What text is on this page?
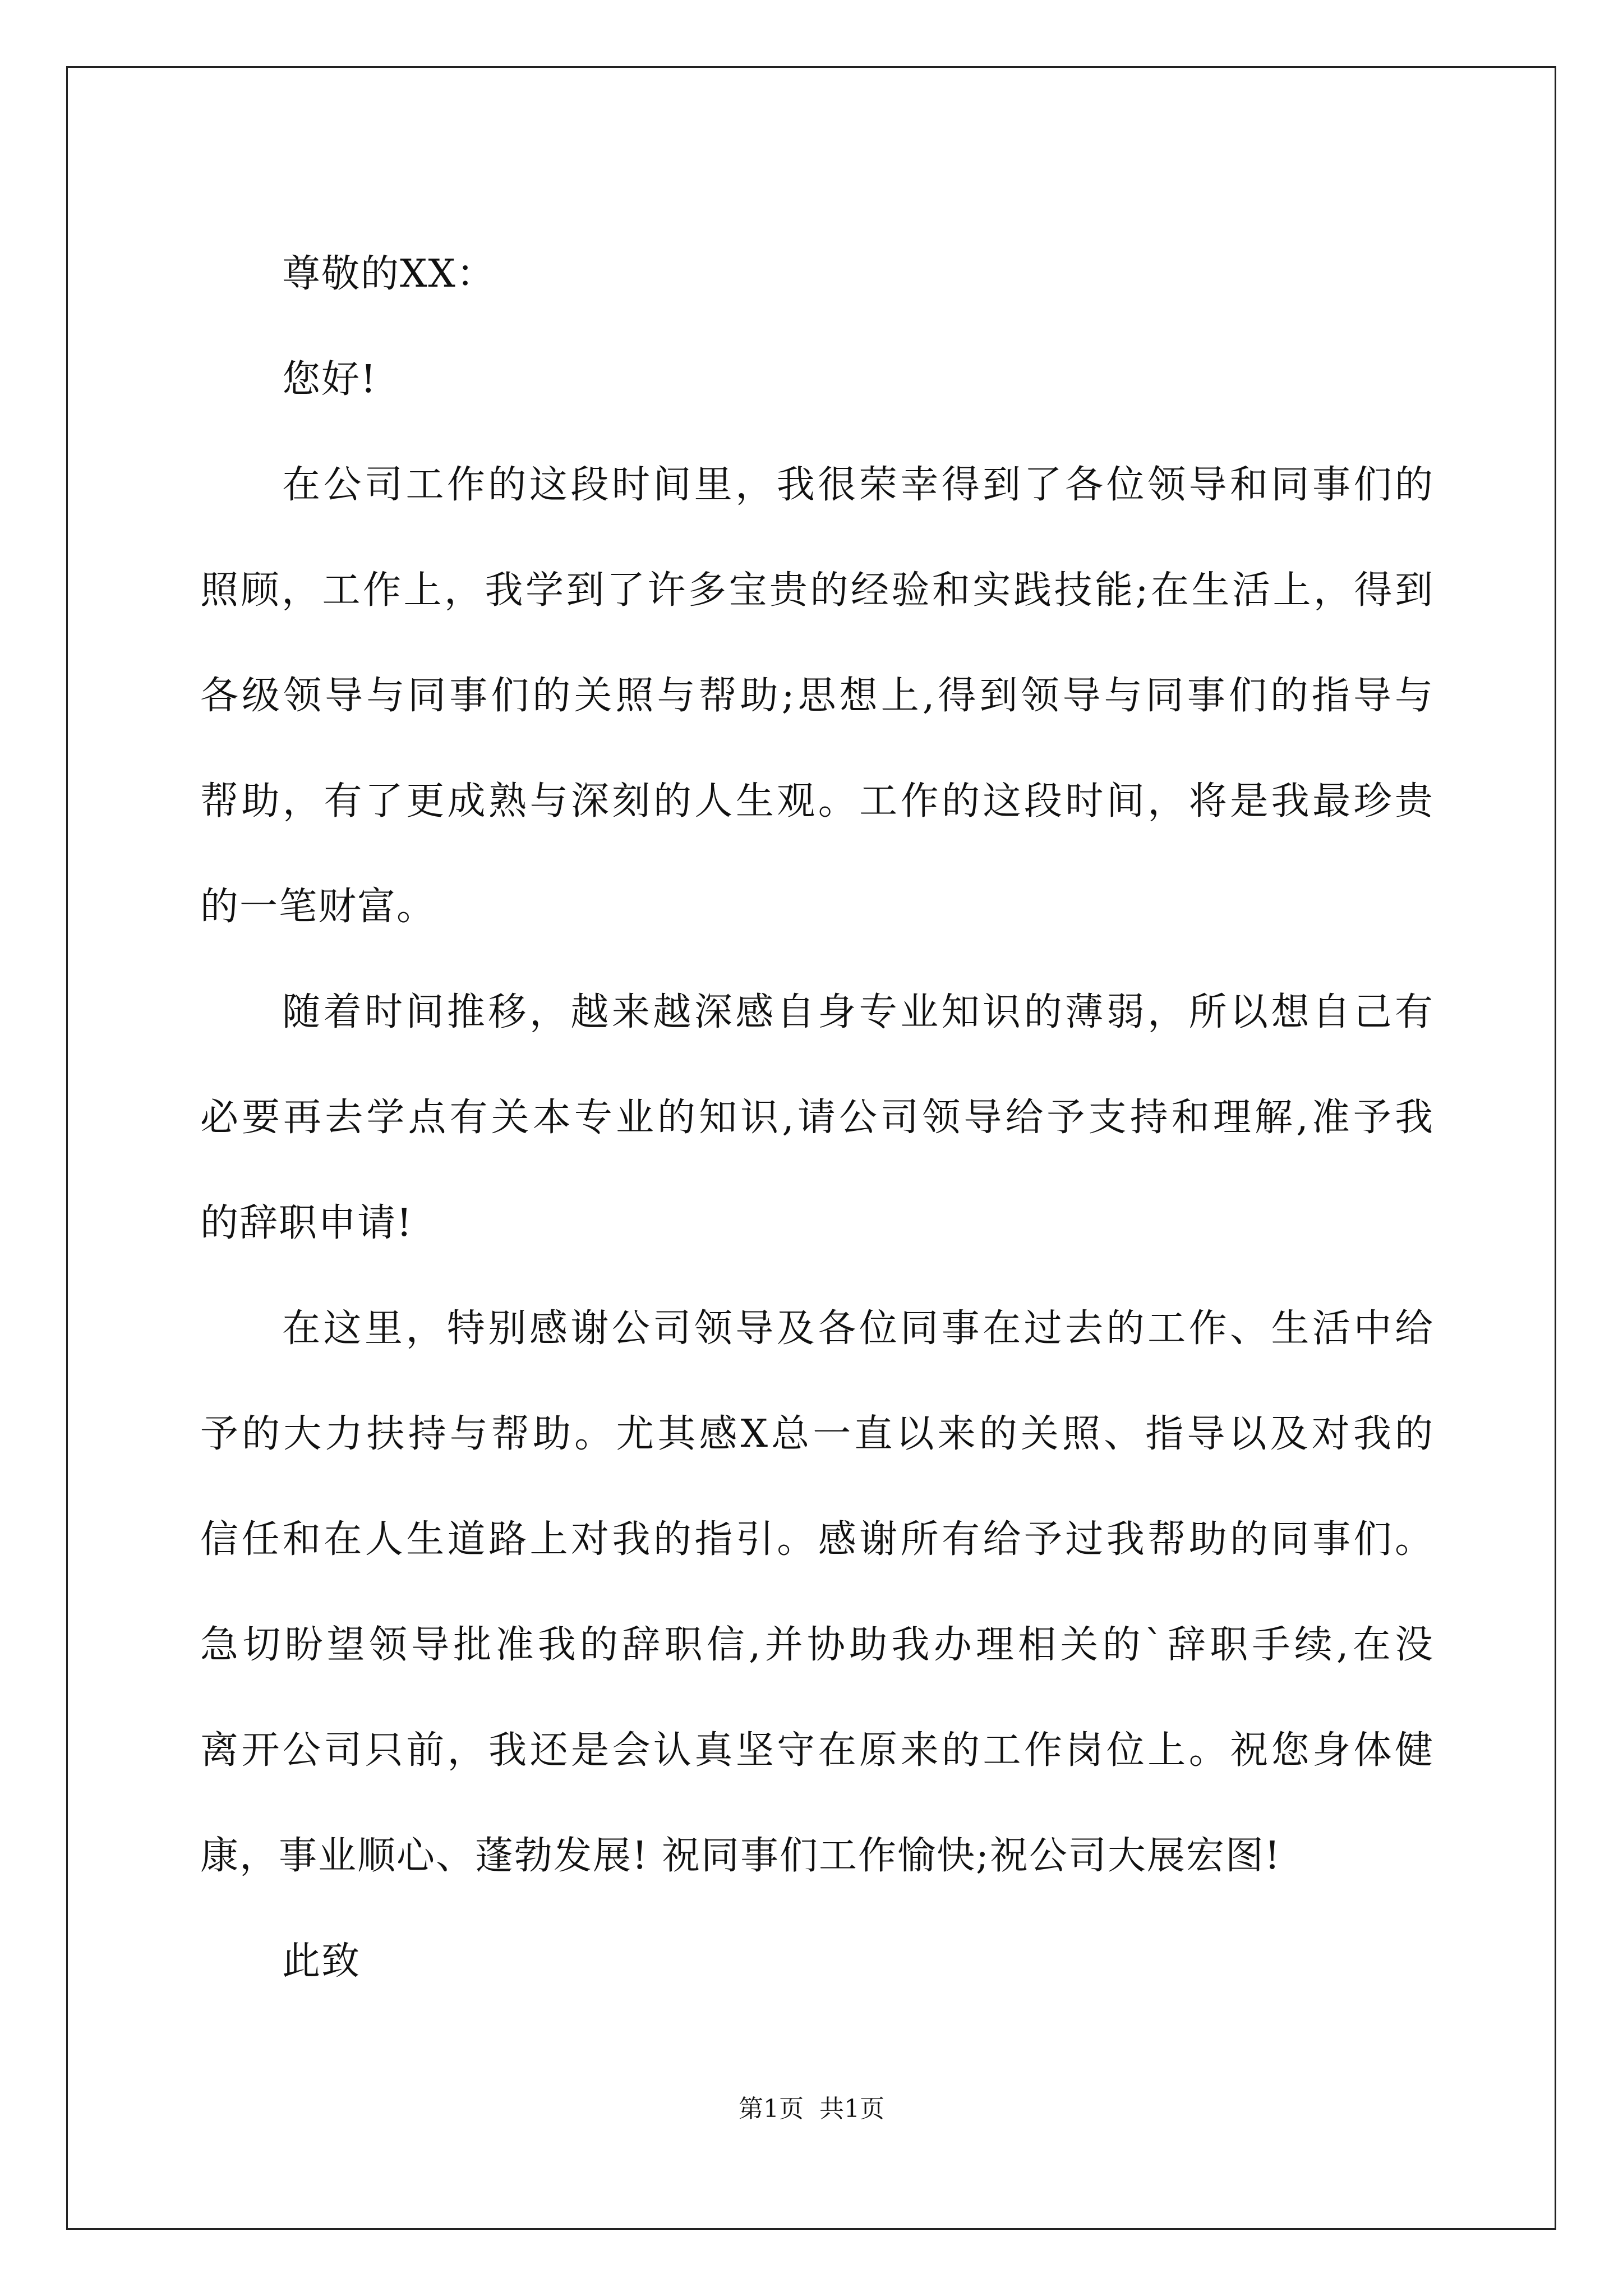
尊敬的XX：

您好!

在公司工作的这段时间里，我很荣幸得到了各位领导和同事们的

照顾，工作上，我学到了许多宝贵的经验和实践技能;在生活上，得到

各级领导与同事们的关照与帮助;思想上,得到领导与同事们的指导与

帮助，有了更成熟与深刻的人生观。工作的这段时间，将是我最珍贵

的一笔财富。

随着时间推移，越来越深感自身专业知识的薄弱，所以想自己有

必要再去学点有关本专业的知识,请公司领导给予支持和理解,准予我

的辞职申请!

在这里，特别感谢公司领导及各位同事在过去的工作、生活中给

予的大力扶持与帮助。尤其感X总一直以来的关照、指导以及对我的

信任和在人生道路上对我的指引。感谢所有给予过我帮助的同事们。

急切盼望领导批准我的辞职信,并协助我办理相关的`辞职手续,在没

离开公司只前，我还是会认真坚守在原来的工作岗位上。祝您身体健

康，事业顺心、蓬勃发展! 祝同事们工作愉快;祝公司大展宏图!

此致

第1页  共1页
